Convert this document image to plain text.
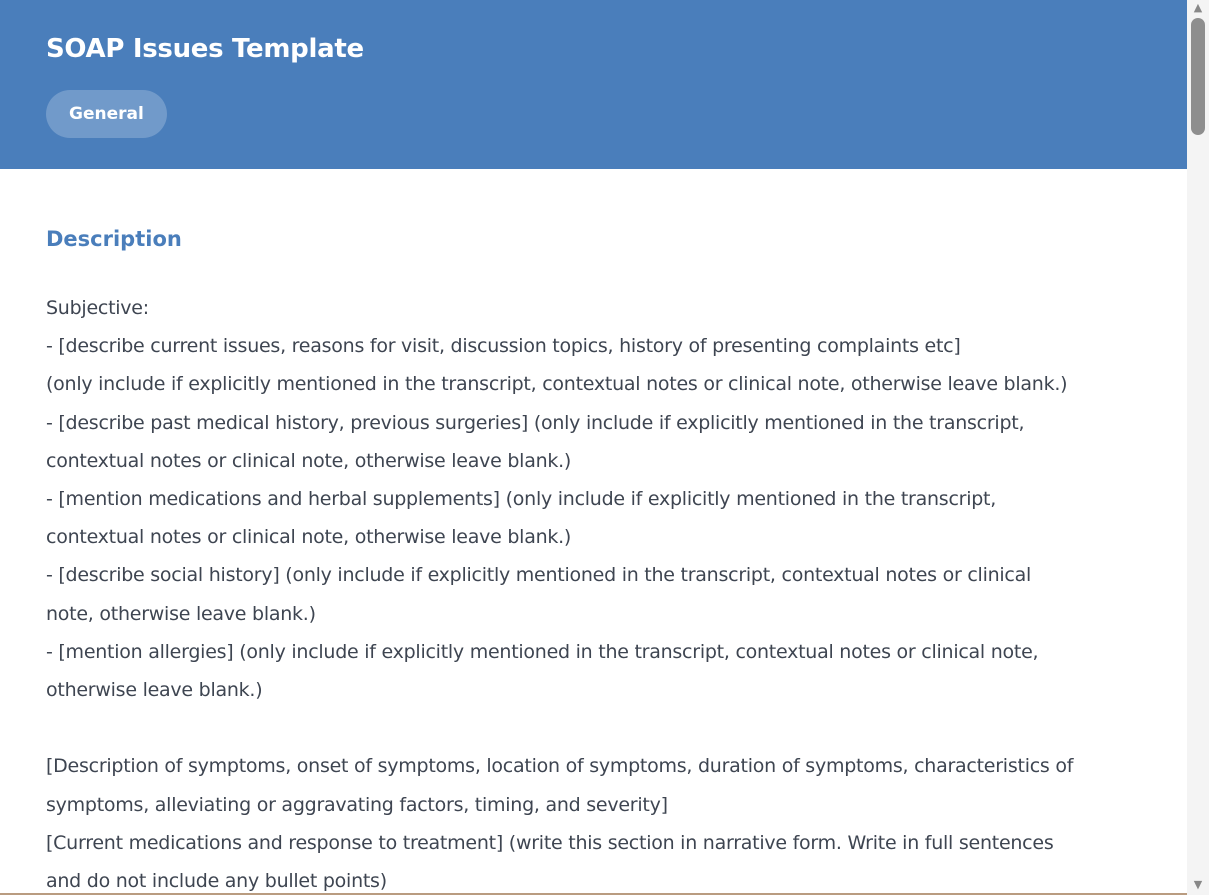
SOAP Issues Template
General
Description
Subjective:
- [describe current issues, reasons for visit, discussion topics, history of presenting complaints etc]
(only include if explicitly mentioned in the transcript, contextual notes or clinical note, otherwise leave blank.)
- [describe past medical history, previous surgeries] (only include if explicitly mentioned in the transcript,
contextual notes or clinical note, otherwise leave blank.)
- [mention medications and herbal supplements] (only include if explicitly mentioned in the transcript,
contextual notes or clinical note, otherwise leave blank.)
- [describe social history] (only include if explicitly mentioned in the transcript, contextual notes or clinical
note, otherwise leave blank.)
- [mention allergies] (only include if explicitly mentioned in the transcript, contextual notes or clinical note,
otherwise leave blank.)
[Description of symptoms, onset of symptoms, location of symptoms, duration of symptoms, characteristics of
symptoms, alleviating or aggravating factors, timing, and severity]
[Current medications and response to treatment] (write this section in narrative form. Write in full sentences
and do not include any bullet points)
▲
▼
